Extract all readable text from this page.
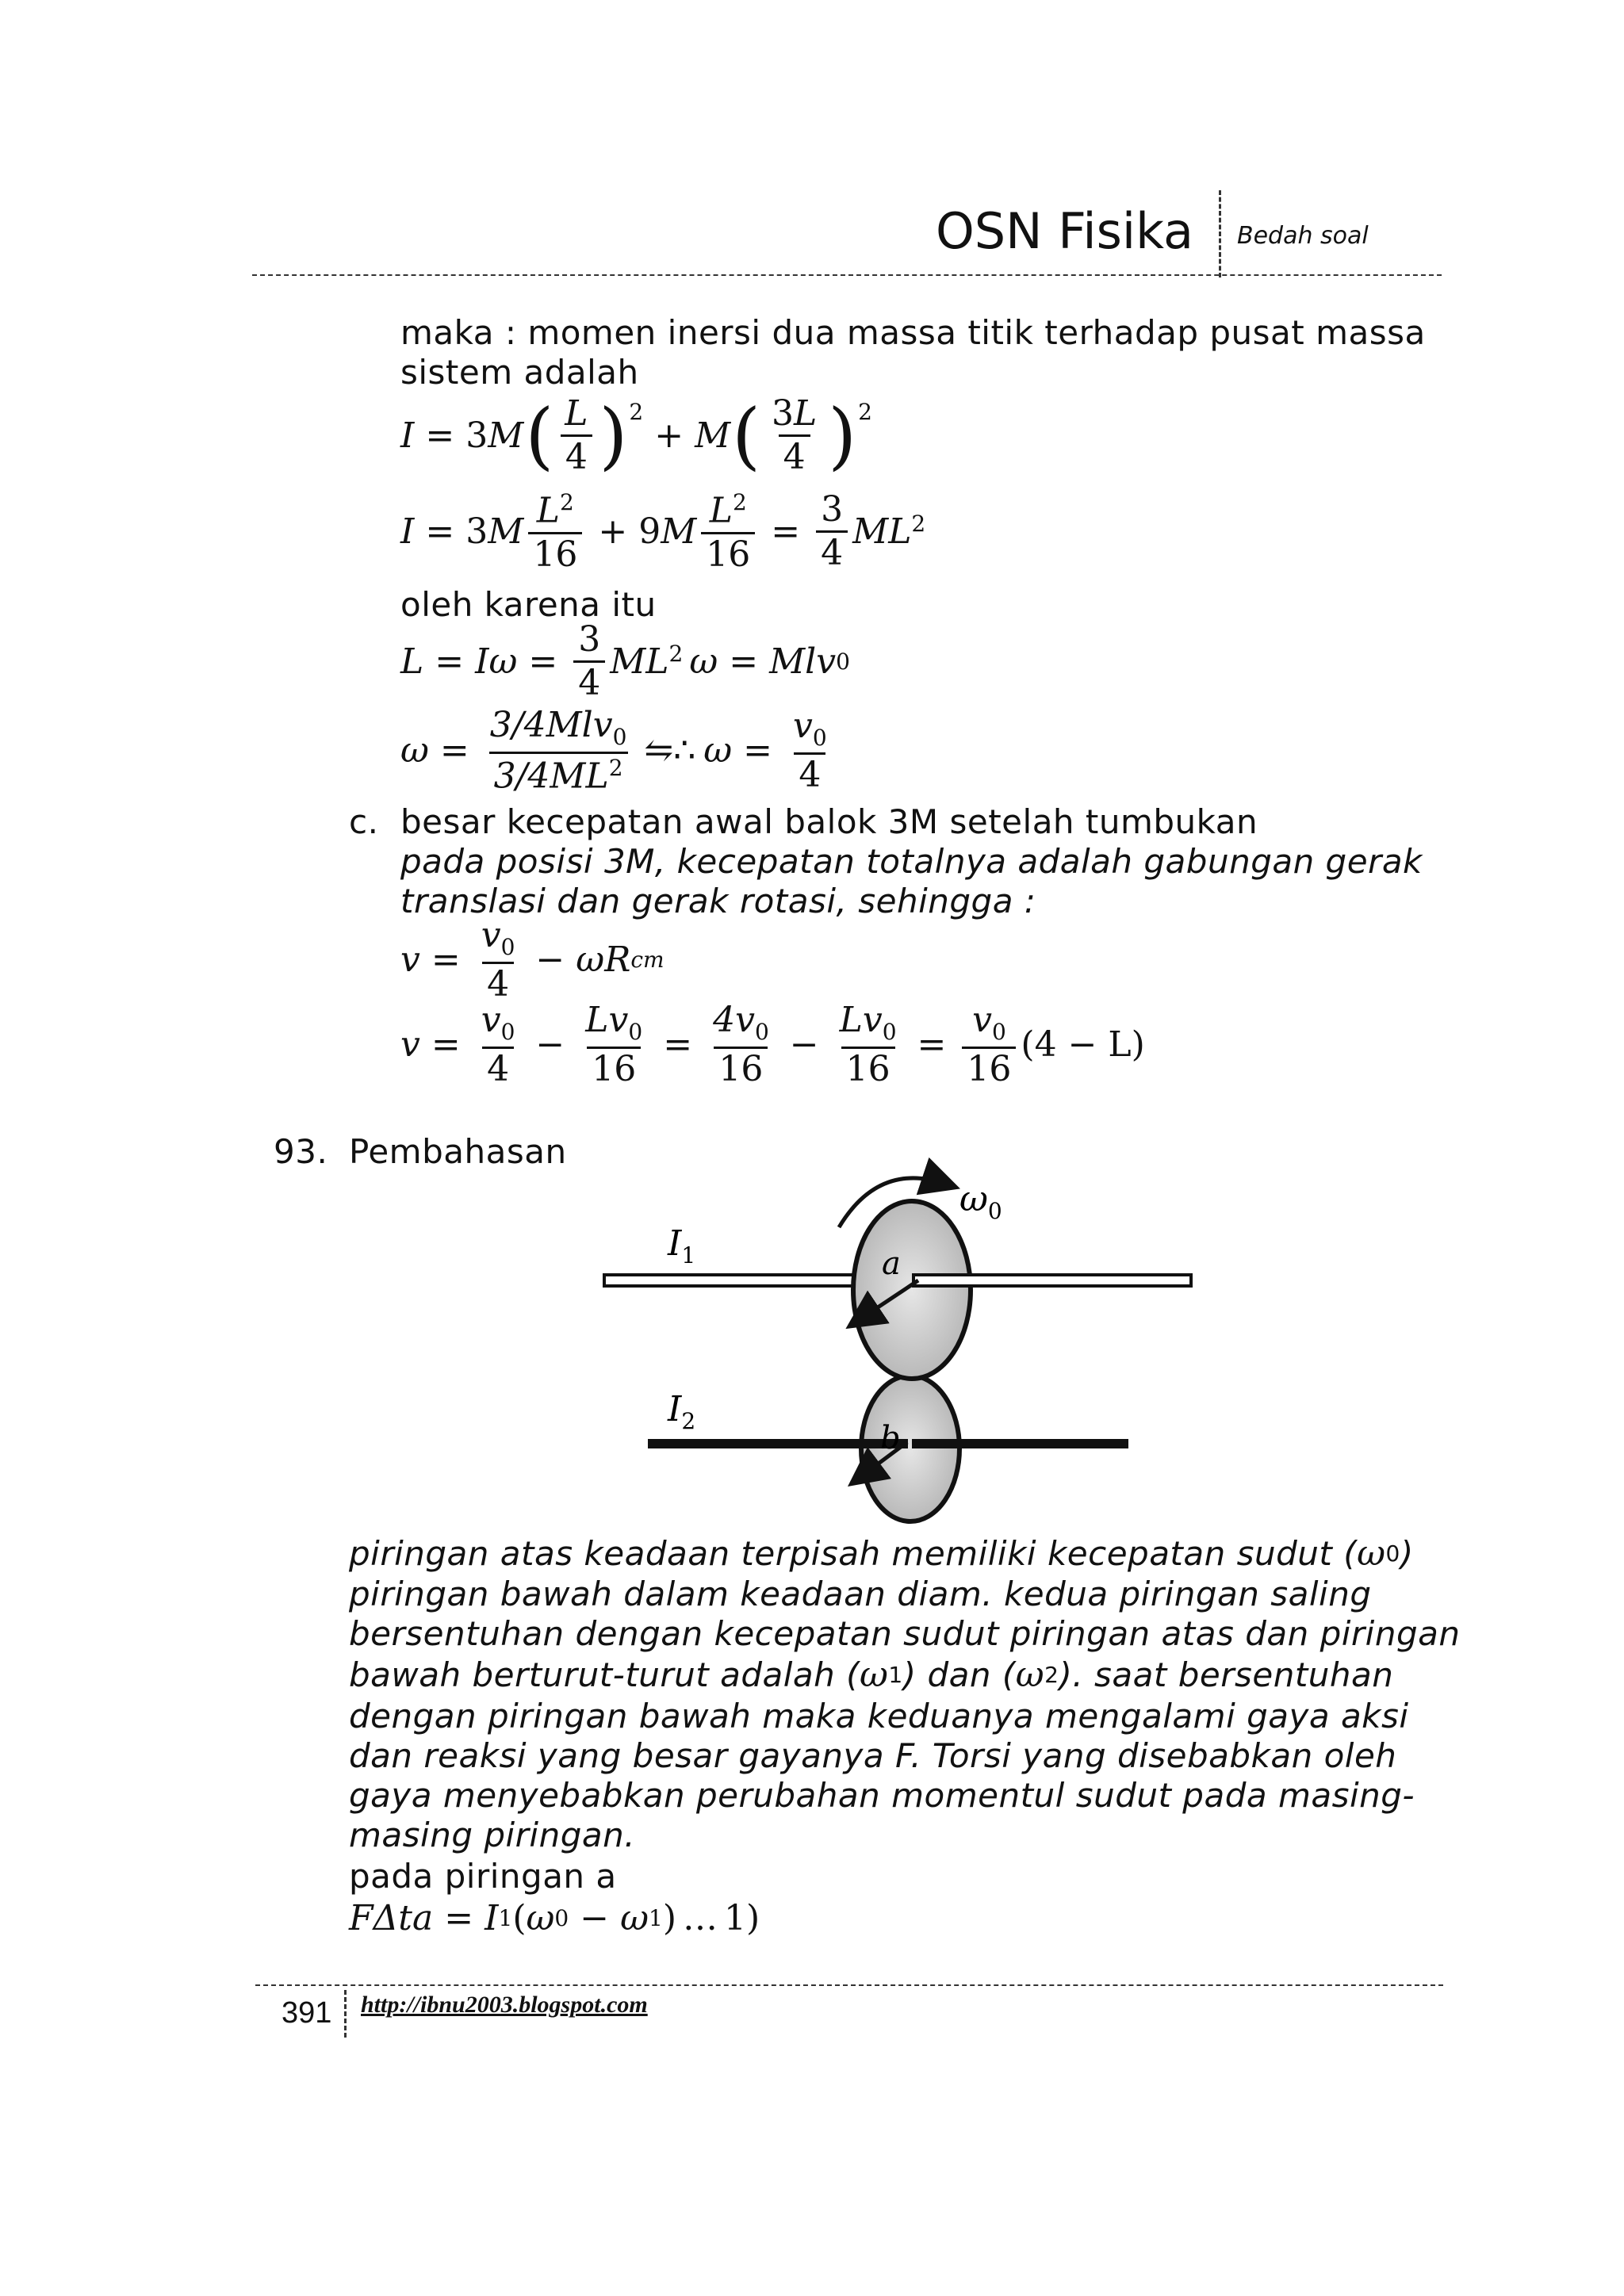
OSN Fisika Bedah soal
maka : momen inersi dua massa titik terhadap pusat massa
sistem adalah
I = 3 M ( $\frac{L}{4} )^2$
+ M ( $\frac{3L}{4} )^2$
I = 3 M $\frac{L^2}{16} + 9$ M $\frac{L^2}{16} = \frac{3}{4} ML^2$
oleh karena itu
L = I $\omega = \frac{3}{4} ML^2$ ω = Mlv 0
$\omega = \frac{3/4Mlv_0}{3/4ML^2}$ ⇋∴ $\omega = \frac{v_0}{4}$
c. besar kecepatan awal balok 3M setelah tumbukan
pada posisi 3M, kecepatan totalnya adalah gabungan gerak
translasi dan gerak rotasi, sehingga :
$v = \frac{v_0}{4} - \omega$ R cm
$v = \frac{v_0}{4} - \frac{Lv_0}{16} = \frac{4v_0}{16} - \frac{Lv_0}{16} = \frac{v_0}{16} (4 - L)$
93. Pembahasan
$I_1$
$I_2$
a
b
$\omega_0$
piringan atas keadaan terpisah memiliki kecepatan sudut ( ω 0 )
piringan bawah dalam keadaan diam. kedua piringan saling
bersentuhan dengan kecepatan sudut piringan atas dan piringan
bawah berturut-turut adalah ( ω 1 ) dan ( ω 2 ). saat bersentuhan
dengan piringan bawah maka keduanya mengalami gaya aksi
dan reaksi yang besar gayanya F. Torsi yang disebabkan oleh
gaya menyebabkan perubahan momentul sudut pada masing-
masing piringan.
pada piringan a
F Δta = I 1 ( ω 0 − ω 1 ) … 1)
391 http://ibnu2003.blogspot.com
